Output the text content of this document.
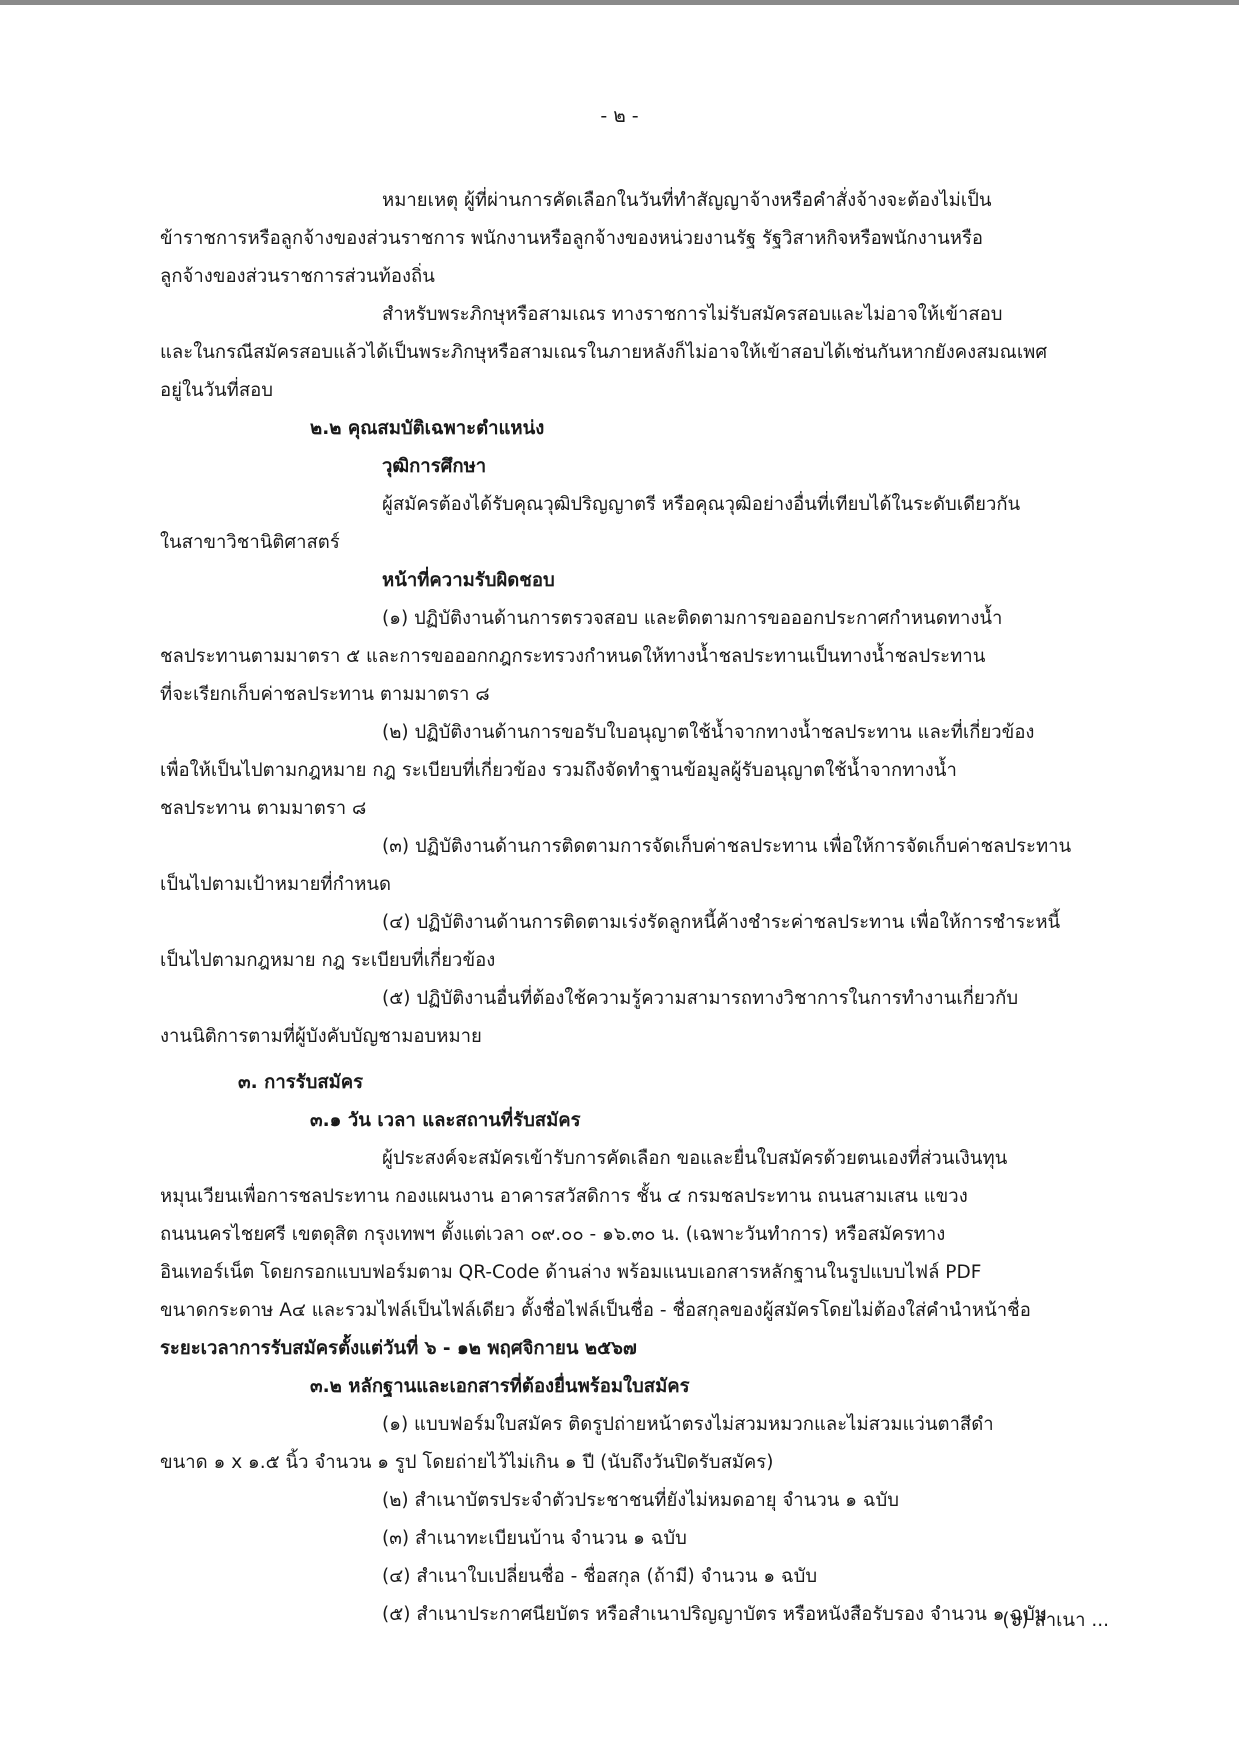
- ๒ -
หมายเหตุ ผู้ที่ผ่านการคัดเลือกในวันที่ทำสัญญาจ้างหรือคำสั่งจ้างจะต้องไม่เป็น
ข้าราชการหรือลูกจ้างของส่วนราชการ พนักงานหรือลูกจ้างของหน่วยงานรัฐ รัฐวิสาหกิจหรือพนักงานหรือ
ลูกจ้างของส่วนราชการส่วนท้องถิ่น
สำหรับพระภิกษุหรือสามเณร ทางราชการไม่รับสมัครสอบและไม่อาจให้เข้าสอบ
และในกรณีสมัครสอบแล้วได้เป็นพระภิกษุหรือสามเณรในภายหลังก็ไม่อาจให้เข้าสอบได้เช่นกันหากยังคงสมณเพศ
อยู่ในวันที่สอบ
๒.๒ คุณสมบัติเฉพาะตำแหน่ง
วุฒิการศึกษา
ผู้สมัครต้องได้รับคุณวุฒิปริญญาตรี หรือคุณวุฒิอย่างอื่นที่เทียบได้ในระดับเดียวกัน
ในสาขาวิชานิติศาสตร์
หน้าที่ความรับผิดชอบ
(๑) ปฏิบัติงานด้านการตรวจสอบ และติดตามการขอออกประกาศกำหนดทางน้ำ
ชลประทานตามมาตรา ๕ และการขอออกกฎกระทรวงกำหนดให้ทางน้ำชลประทานเป็นทางน้ำชลประทาน
ที่จะเรียกเก็บค่าชลประทาน ตามมาตรา ๘
(๒) ปฏิบัติงานด้านการขอรับใบอนุญาตใช้น้ำจากทางน้ำชลประทาน และที่เกี่ยวข้อง
เพื่อให้เป็นไปตามกฎหมาย กฎ ระเบียบที่เกี่ยวข้อง รวมถึงจัดทำฐานข้อมูลผู้รับอนุญาตใช้น้ำจากทางน้ำ
ชลประทาน ตามมาตรา ๘
(๓) ปฏิบัติงานด้านการติดตามการจัดเก็บค่าชลประทาน เพื่อให้การจัดเก็บค่าชลประทาน
เป็นไปตามเป้าหมายที่กำหนด
(๔) ปฏิบัติงานด้านการติดตามเร่งรัดลูกหนี้ค้างชำระค่าชลประทาน เพื่อให้การชำระหนี้
เป็นไปตามกฎหมาย กฎ ระเบียบที่เกี่ยวข้อง
(๕) ปฏิบัติงานอื่นที่ต้องใช้ความรู้ความสามารถทางวิชาการในการทำงานเกี่ยวกับ
งานนิติการตามที่ผู้บังคับบัญชามอบหมาย
๓. การรับสมัคร
๓.๑ วัน เวลา และสถานที่รับสมัคร
ผู้ประสงค์จะสมัครเข้ารับการคัดเลือก ขอและยื่นใบสมัครด้วยตนเองที่ส่วนเงินทุน
หมุนเวียนเพื่อการชลประทาน กองแผนงาน อาคารสวัสดิการ ชั้น ๔ กรมชลประทาน ถนนสามเสน แขวง
ถนนนครไชยศรี เขตดุสิต กรุงเทพฯ ตั้งแต่เวลา ๐๙.๐๐ - ๑๖.๓๐ น. (เฉพาะวันทำการ) หรือสมัครทาง
อินเทอร์เน็ต โดยกรอกแบบฟอร์มตาม QR-Code ด้านล่าง พร้อมแนบเอกสารหลักฐานในรูปแบบไฟล์ PDF
ขนาดกระดาษ A๔ และรวมไฟล์เป็นไฟล์เดียว ตั้งชื่อไฟล์เป็นชื่อ - ชื่อสกุลของผู้สมัครโดยไม่ต้องใส่คำนำหน้าชื่อ
ระยะเวลาการรับสมัครตั้งแต่วันที่ ๖ - ๑๒ พฤศจิกายน ๒๕๖๗
๓.๒ หลักฐานและเอกสารที่ต้องยื่นพร้อมใบสมัคร
(๑) แบบฟอร์มใบสมัคร ติดรูปถ่ายหน้าตรงไม่สวมหมวกและไม่สวมแว่นตาสีดำ
ขนาด ๑ x ๑.๕ นิ้ว จำนวน ๑ รูป โดยถ่ายไว้ไม่เกิน ๑ ปี (นับถึงวันปิดรับสมัคร)
(๒) สำเนาบัตรประจำตัวประชาชนที่ยังไม่หมดอายุ จำนวน ๑ ฉบับ
(๓) สำเนาทะเบียนบ้าน จำนวน ๑ ฉบับ
(๔) สำเนาใบเปลี่ยนชื่อ - ชื่อสกุล (ถ้ามี) จำนวน ๑ ฉบับ
(๕) สำเนาประกาศนียบัตร หรือสำเนาปริญญาบัตร หรือหนังสือรับรอง จำนวน ๑ ฉบับ
(๖) สำเนา ...
